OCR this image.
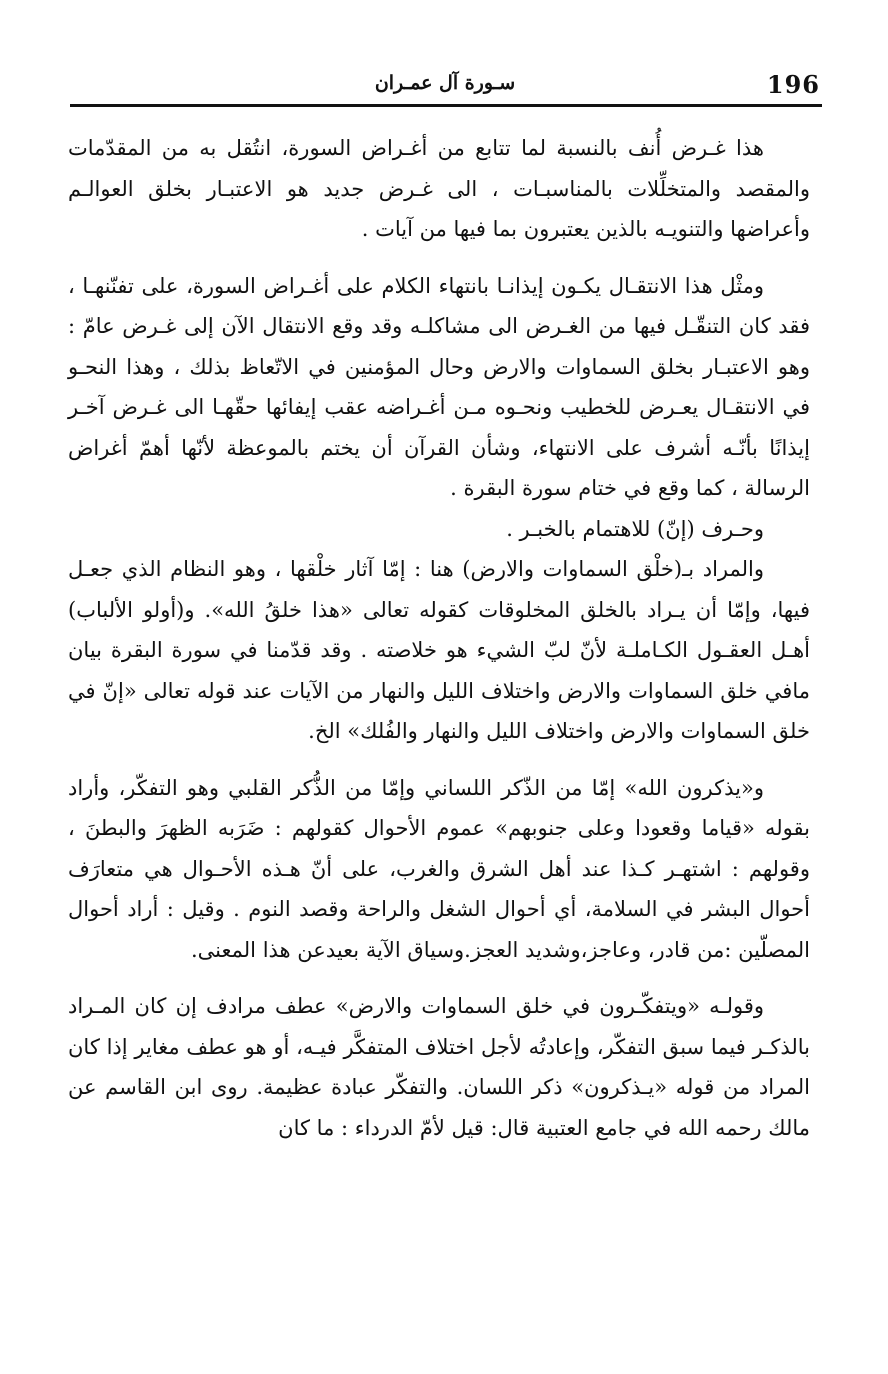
196
سـورة آل عمـران

هذا غـرض أُنف بالنسبة لما تتابع من أغـراض السورة، انتُقل به من المقدّمات والمقصد والمتخلِّلات بالمناسبـات ، الى غـرض جديد هو الاعتبـار بخلق العوالـم وأعراضها والتنويـه بالذين يعتبرون بما فيها من آيات .

ومثْل هذا الانتقـال يكـون إيذانـا بانتهاء الكلام على أغـراض السورة، على تفنّنهـا ، فقد كان التنقّـل فيها من الغـرض الى مشاكلـه وقد وقع الانتقال الآن إلى غـرض عامّ : وهو الاعتبـار بخلق السماوات والارض وحال المؤمنين في الاتّعاظ بذلك ، وهذا النحـو في الانتقـال يعـرض للخطيب ونحـوه مـن أغـراضه عقب إيفائها حقّهـا الى غـرض آخـر إيذانًا بأنّـه أشرف على الانتهاء، وشأن القرآن أن يختم بالموعظة لأنّها أهمّ أغراض الرسالة ، كما وقع في ختام سورة البقرة .

وحـرف (إنّ) للاهتمام بالخبـر .

والمراد بـ(خلْق السماوات والارض) هنا : إمّا آثار خلْقها ، وهو النظام الذي جعـل فيها، وإمّا أن يـراد بالخلق المخلوقات كقوله تعالى «هذا خلقُ الله». و(أولو الألباب) أهـل العقـول الكـاملـة لأنّ لبّ الشيء هو خلاصته . وقد قدّمنا في سورة البقرة بيان مافي خلق السماوات والارض واختلاف الليل والنهار من الآيات عند قوله تعالى «إنّ في خلق السماوات والارض واختلاف الليل والنهار والفُلك» الخ.

و«يذكرون الله» إمّا من الذّكر اللساني وإمّا من الذُّكر القلبي وهو التفكّر، وأراد بقوله «قياما وقعودا وعلى جنوبهم» عموم الأحوال كقولهم : ضَرَبه الظهرَ والبطنَ ، وقولهم : اشتهـر كـذا عند أهل الشرق والغرب، على أنّ هـذه الأحـوال هي متعارَف أحوال البشر في السلامة، أي أحوال الشغل والراحة وقصد النوم . وقيل : أراد أحوال المصلّين :من قادر، وعاجز،وشديد العجز.وسياق الآية بعيدعن هذا المعنى.

وقولـه «ويتفكّـرون في خلق السماوات والارض» عطف مرادف إن كان المـراد بالذكـر فيما سبق التفكّر، وإعادتُه لأجل اختلاف المتفكَّر فيـه، أو هو عطف مغاير إذا كان المراد من قوله «يـذكرون» ذكر اللسان. والتفكّر عبادة عظيمة. روى ابن القاسم عن مالك رحمه الله في جامع العتبية قال: قيل لأمّ الدرداء : ما كان
